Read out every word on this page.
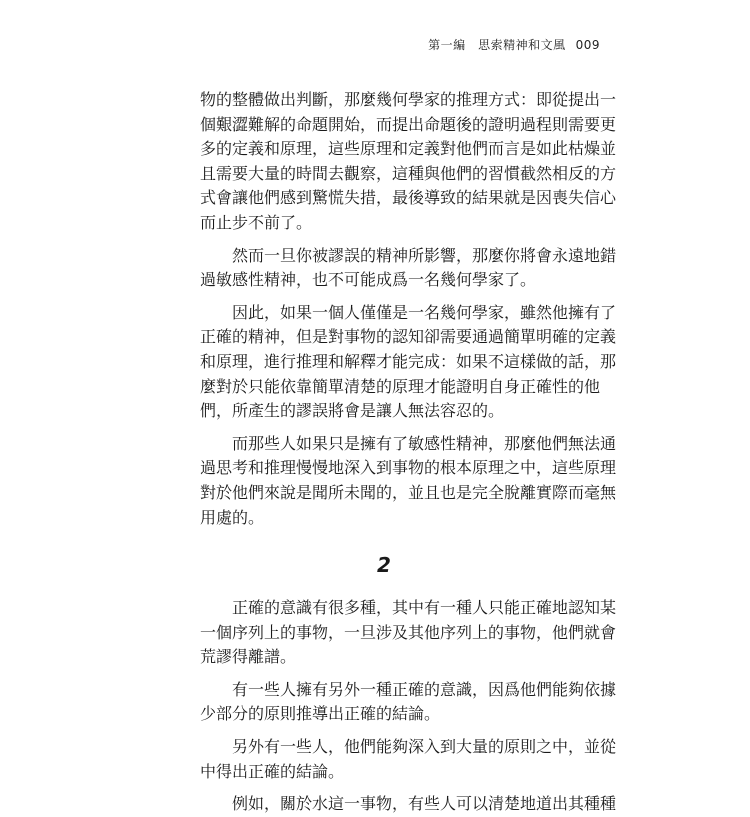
第一編　思索精神和文風 009
物的整體做出判斷，那麼幾何學家的推理方式：即從提出一
個艱澀難解的命題開始，而提出命題後的證明過程則需要更
多的定義和原理，這些原理和定義對他們而言是如此枯燥並
且需要大量的時間去觀察，這種與他們的習慣截然相反的方
式會讓他們感到驚慌失措，最後導致的結果就是因喪失信心
而止步不前了。
然而一旦你被謬誤的精神所影響，那麼你將會永遠地錯
過敏感性精神，也不可能成爲一名幾何學家了。
因此，如果一個人僅僅是一名幾何學家，雖然他擁有了
正確的精神，但是對事物的認知卻需要通過簡單明確的定義
和原理，進行推理和解釋才能完成：如果不這樣做的話，那
麼對於只能依靠簡單清楚的原理才能證明自身正確性的他
們，所產生的謬誤將會是讓人無法容忍的。
而那些人如果只是擁有了敏感性精神，那麼他們無法通
過思考和推理慢慢地深入到事物的根本原理之中，這些原理
對於他們來說是聞所未聞的，並且也是完全脫離實際而毫無
用處的。
2
正確的意識有很多種，其中有一種人只能正確地認知某
一個序列上的事物，一旦涉及其他序列上的事物，他們就會
荒謬得離譜。
有一些人擁有另外一種正確的意識，因爲他們能夠依據
少部分的原則推導出正確的結論。
另外有一些人，他們能夠深入到大量的原則之中，並從
中得出正確的結論。
例如，關於水這一事物，有些人可以清楚地道出其種種
